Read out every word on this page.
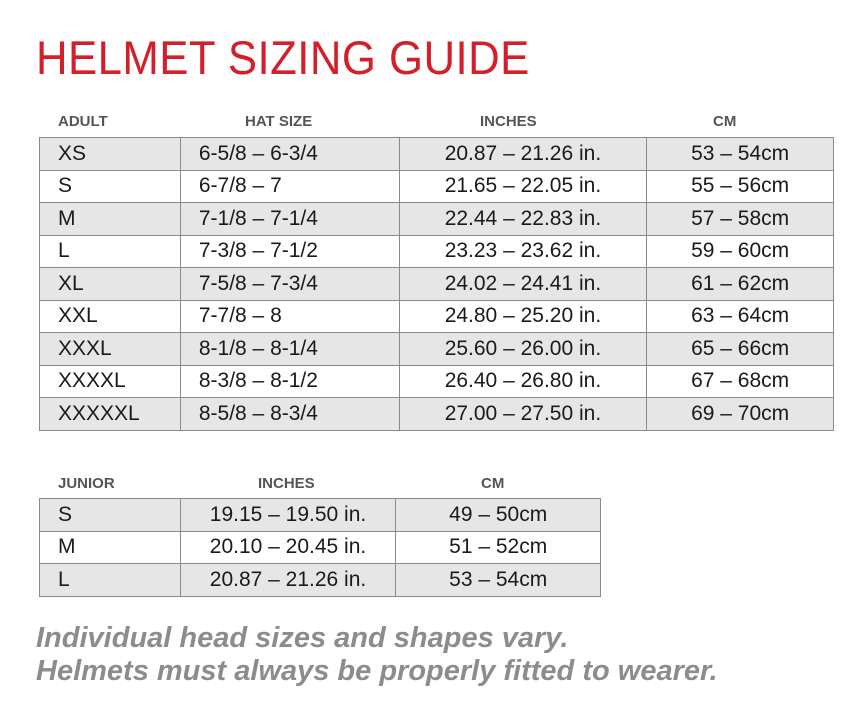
HELMET SIZING GUIDE
ADULT	HAT SIZE	INCHES	CM
XS	6-5/8 – 6-3/4	20.87 – 21.26 in.	53 – 54cm
S	6-7/8 – 7	21.65 – 22.05 in.	55 – 56cm
M	7-1/8 – 7-1/4	22.44 – 22.83 in.	57 – 58cm
L	7-3/8 – 7-1/2	23.23 – 23.62 in.	59 – 60cm
XL	7-5/8 – 7-3/4	24.02 – 24.41 in.	61 – 62cm
XXL	7-7/8 – 8	24.80 – 25.20 in.	63 – 64cm
XXXL	8-1/8 – 8-1/4	25.60 – 26.00 in.	65 – 66cm
XXXXL	8-3/8 – 8-1/2	26.40 – 26.80 in.	67 – 68cm
XXXXXL	8-5/8 – 8-3/4	27.00 – 27.50 in.	69 – 70cm
JUNIOR	INCHES	CM
S	19.15 – 19.50 in.	49 – 50cm
M	20.10 – 20.45 in.	51 – 52cm
L	20.87 – 21.26 in.	53 – 54cm
Individual head sizes and shapes vary.
Helmets must always be properly fitted to wearer.
